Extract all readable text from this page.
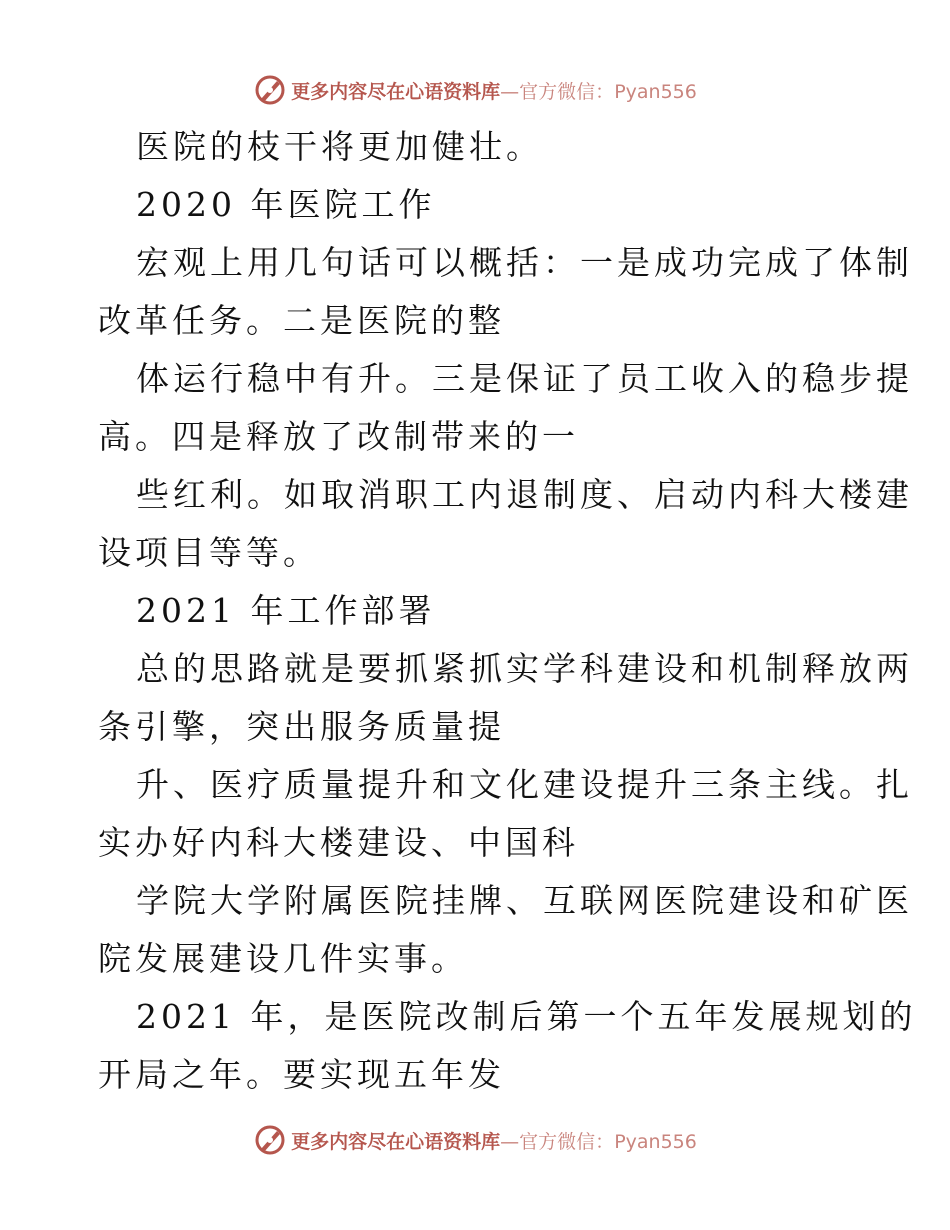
更多内容尽在心语资料库—官方微信：Pyan556
医院的枝干将更加健壮。
2020 年医院工作
宏观上用几句话可以概括：一是成功完成了体制
改革任务。二是医院的整
体运行稳中有升。三是保证了员工收入的稳步提
高。四是释放了改制带来的一
些红利。如取消职工内退制度、启动内科大楼建
设项目等等。
2021 年工作部署
总的思路就是要抓紧抓实学科建设和机制释放两
条引擎，突出服务质量提
升、医疗质量提升和文化建设提升三条主线。扎
实办好内科大楼建设、中国科
学院大学附属医院挂牌、互联网医院建设和矿医
院发展建设几件实事。
2021 年，是医院改制后第一个五年发展规划的
开局之年。要实现五年发
更多内容尽在心语资料库—官方微信：Pyan556
